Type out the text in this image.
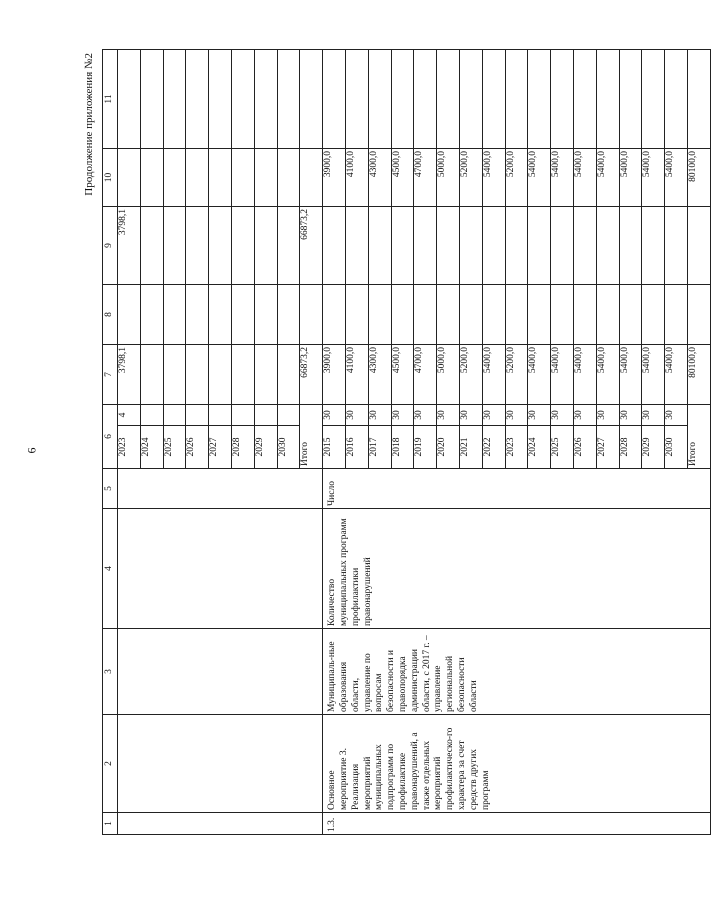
6
Продолжение приложения №2
1	2	3	4	5	6		7	8	9	10	11
					2023	4	3798,1		3798,1		
					2024						
					2025						
					2026						
					2027						
					2028						
					2029						
					2030						
					Итого		66873,2		66873,2		
1.3.	Основное мероприятие 3. Реализация мероприятий муниципальных подпрограмм по профилактике правонарушений, а также отдельных мероприятий профилактическо-го характера за счет средств других программ	Муниципаль-ные образования области, управление по вопросам безопасности и правопорядка администрации области, с 2017 г. – управление региональной безопасности области	Количество муниципальных программ профилактики правонарушений	Число	2015	30	3900,0			3900,0	
					2016	30	4100,0			4100,0	
					2017	30	4300,0			4300,0	
					2018	30	4500,0			4500,0	
					2019	30	4700,0			4700,0	
					2020	30	5000,0			5000,0	
					2021	30	5200,0			5200,0	
					2022	30	5400,0			5400,0	
					2023	30	5200,0			5200,0	
					2024	30	5400,0			5400,0	
					2025	30	5400,0			5400,0	
					2026	30	5400,0			5400,0	
					2027	30	5400,0			5400,0	
					2028	30	5400,0			5400,0	
					2029	30	5400,0			5400,0	
					2030	30	5400,0			5400,0	
					Итого		80100,0			80100,0	
